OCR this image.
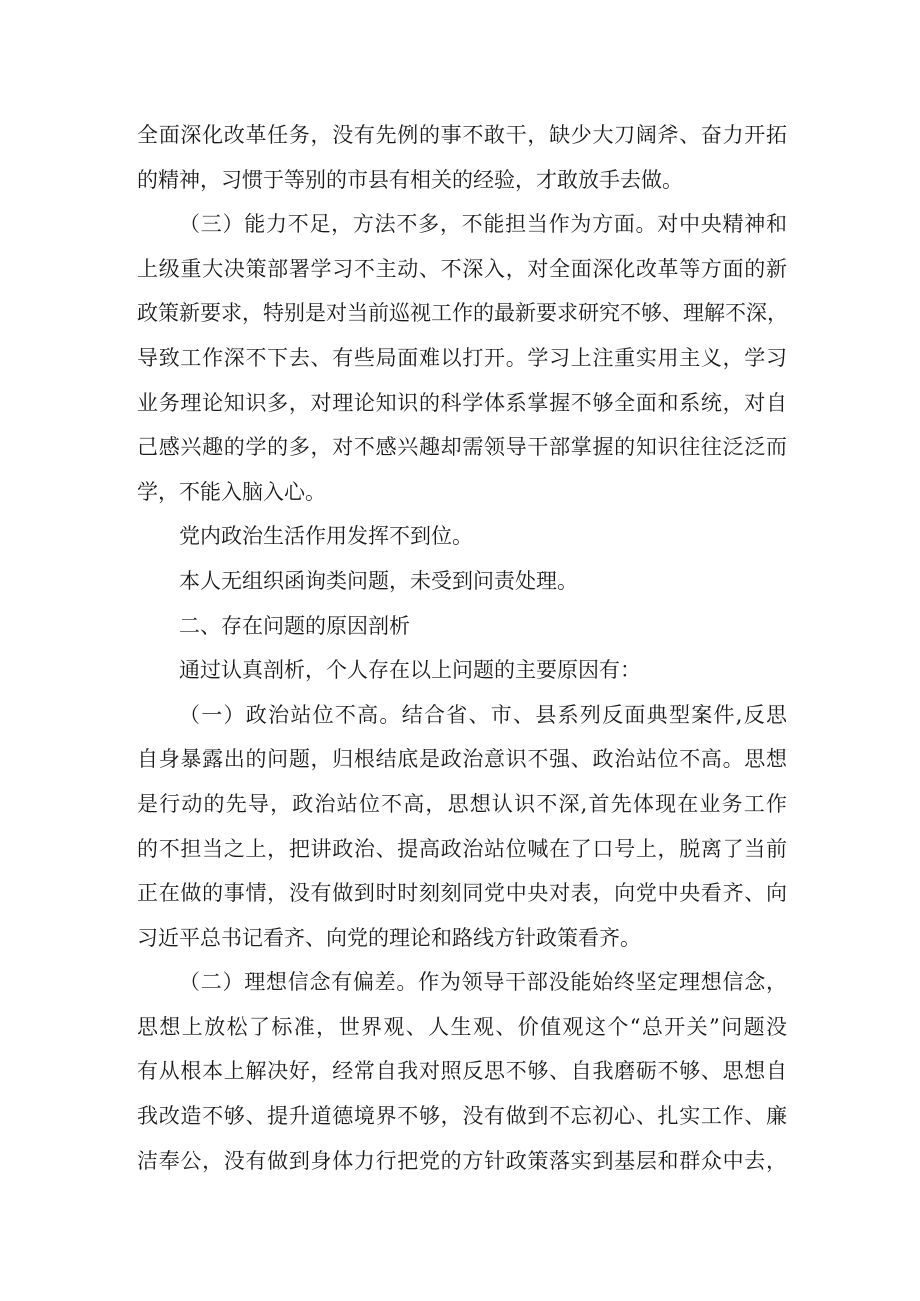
全面深化改革任务，没有先例的事不敢干，缺少大刀阔斧、奋力开拓
的精神，习惯于等别的市县有相关的经验，才敢放手去做。
（三）能力不足，方法不多，不能担当作为方面。对中央精神和
上级重大决策部署学习不主动、不深入，对全面深化改革等方面的新
政策新要求，特别是对当前巡视工作的最新要求研究不够、理解不深，
导致工作深不下去、有些局面难以打开。学习上注重实用主义，学习
业务理论知识多，对理论知识的科学体系掌握不够全面和系统，对自
己感兴趣的学的多，对不感兴趣却需领导干部掌握的知识往往泛泛而
学，不能入脑入心。
党内政治生活作用发挥不到位。
本人无组织函询类问题，未受到问责处理。
二、存在问题的原因剖析
通过认真剖析，个人存在以上问题的主要原因有：
（一）政治站位不高。结合省、市、县系列反面典型案件,反思
自身暴露出的问题，归根结底是政治意识不强、政治站位不高。思想
是行动的先导，政治站位不高，思想认识不深,首先体现在业务工作
的不担当之上，把讲政治、提高政治站位喊在了口号上，脱离了当前
正在做的事情，没有做到时时刻刻同党中央对表，向党中央看齐、向
习近平总书记看齐、向党的理论和路线方针政策看齐。
（二）理想信念有偏差。作为领导干部没能始终坚定理想信念，
思想上放松了标准，世界观、人生观、价值观这个“总开关”问题没
有从根本上解决好，经常自我对照反思不够、自我磨砺不够、思想自
我改造不够、提升道德境界不够，没有做到不忘初心、扎实工作、廉
洁奉公，没有做到身体力行把党的方针政策落实到基层和群众中去，
